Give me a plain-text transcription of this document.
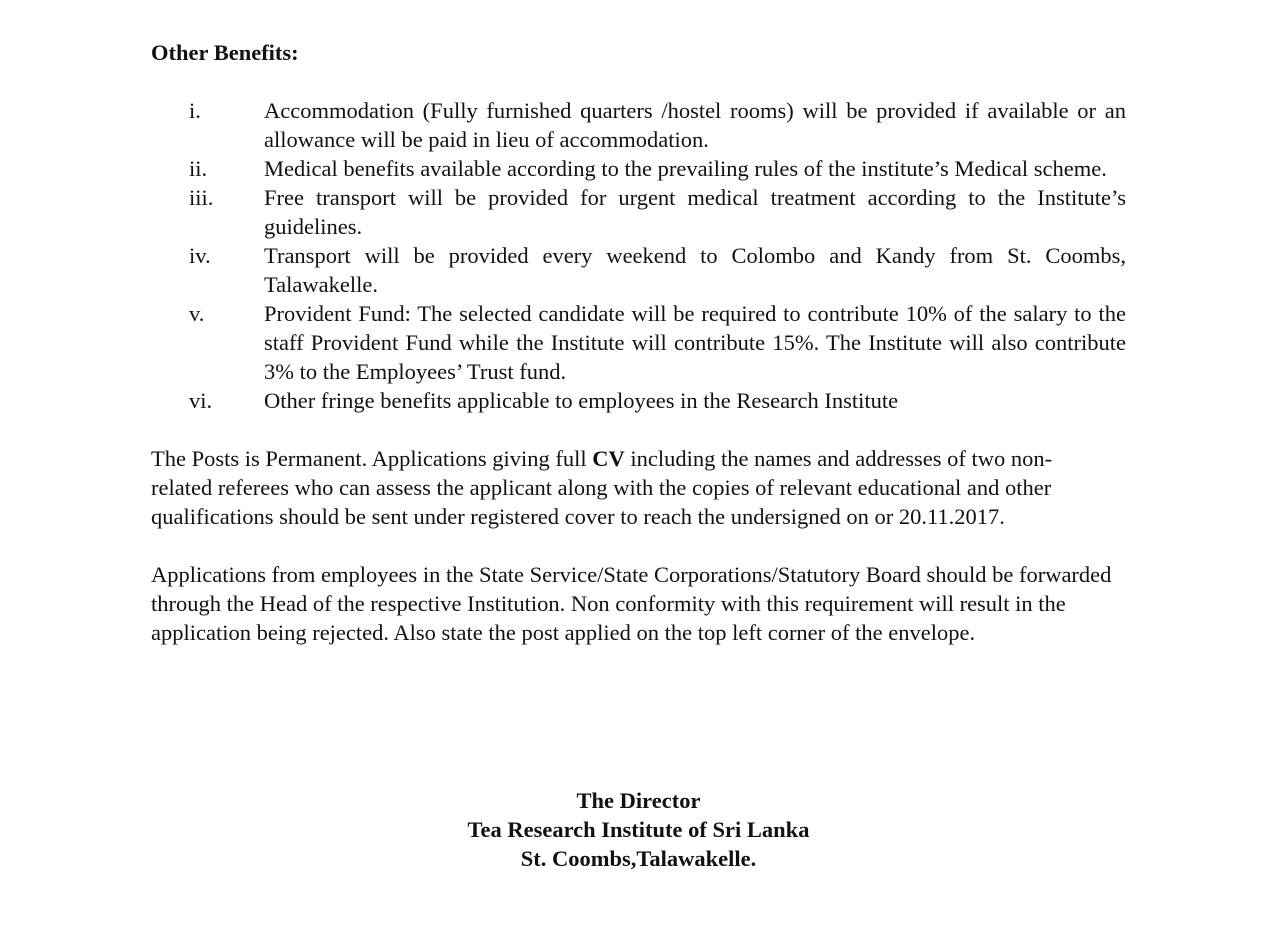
Other Benefits:

i.	Accommodation (Fully furnished quarters /hostel rooms) will be provided if available or an allowance will be paid in lieu of accommodation.
ii.	Medical benefits available according to the prevailing rules of the institute’s Medical scheme.
iii.	Free transport will be provided for urgent medical treatment according to the Institute’s guidelines.
iv.	Transport will be provided every weekend to Colombo and Kandy from St. Coombs, Talawakelle.
v.	Provident Fund: The selected candidate will be required to contribute 10% of the salary to the staff Provident Fund while the Institute will contribute 15%. The Institute will also contribute 3% to the Employees’ Trust fund.
vi.	Other fringe benefits applicable to employees in the Research Institute

The Posts is Permanent. Applications giving full CV including the names and addresses of two non-related referees who can assess the applicant along with the copies of relevant educational and other qualifications should be sent under registered cover to reach the undersigned on or 20.11.2017.

Applications from employees in the State Service/State Corporations/Statutory Board should be forwarded through the Head of the respective Institution. Non conformity with this requirement will result in the application being rejected. Also state the post applied on the top left corner of the envelope.

The Director
Tea Research Institute of Sri Lanka
St. Coombs,Talawakelle.
